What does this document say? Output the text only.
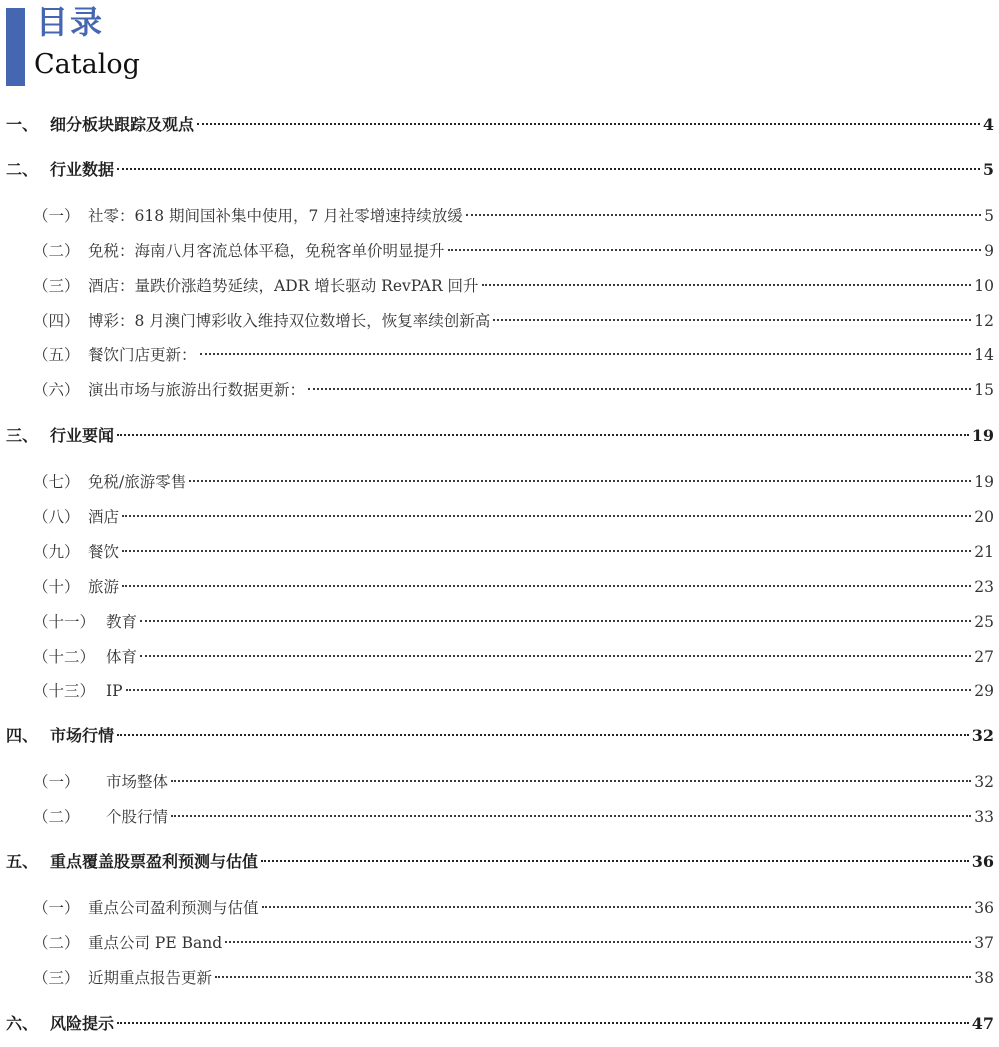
目录
Catalog
一、 细分板块跟踪及观点	4
二、 行业数据	5
（一） 社零：618 期间国补集中使用，7 月社零增速持续放缓	5
（二） 免税：海南八月客流总体平稳，免税客单价明显提升	9
（三） 酒店：量跌价涨趋势延续，ADR 增长驱动 RevPAR 回升	10
（四） 博彩：8 月澳门博彩收入维持双位数增长，恢复率续创新高	12
（五） 餐饮门店更新：	14
（六） 演出市场与旅游出行数据更新：	15
三、 行业要闻	19
（七） 免税/旅游零售	19
（八） 酒店	20
（九） 餐饮	21
（十） 旅游	23
（十一） 教育	25
（十二） 体育	27
（十三） IP	29
四、 市场行情	32
（一）	市场整体	32
（二）	个股行情	33
五、 重点覆盖股票盈利预测与估值	36
（一） 重点公司盈利预测与估值	36
（二） 重点公司 PE Band	37
（三） 近期重点报告更新	38
六、 风险提示	47
